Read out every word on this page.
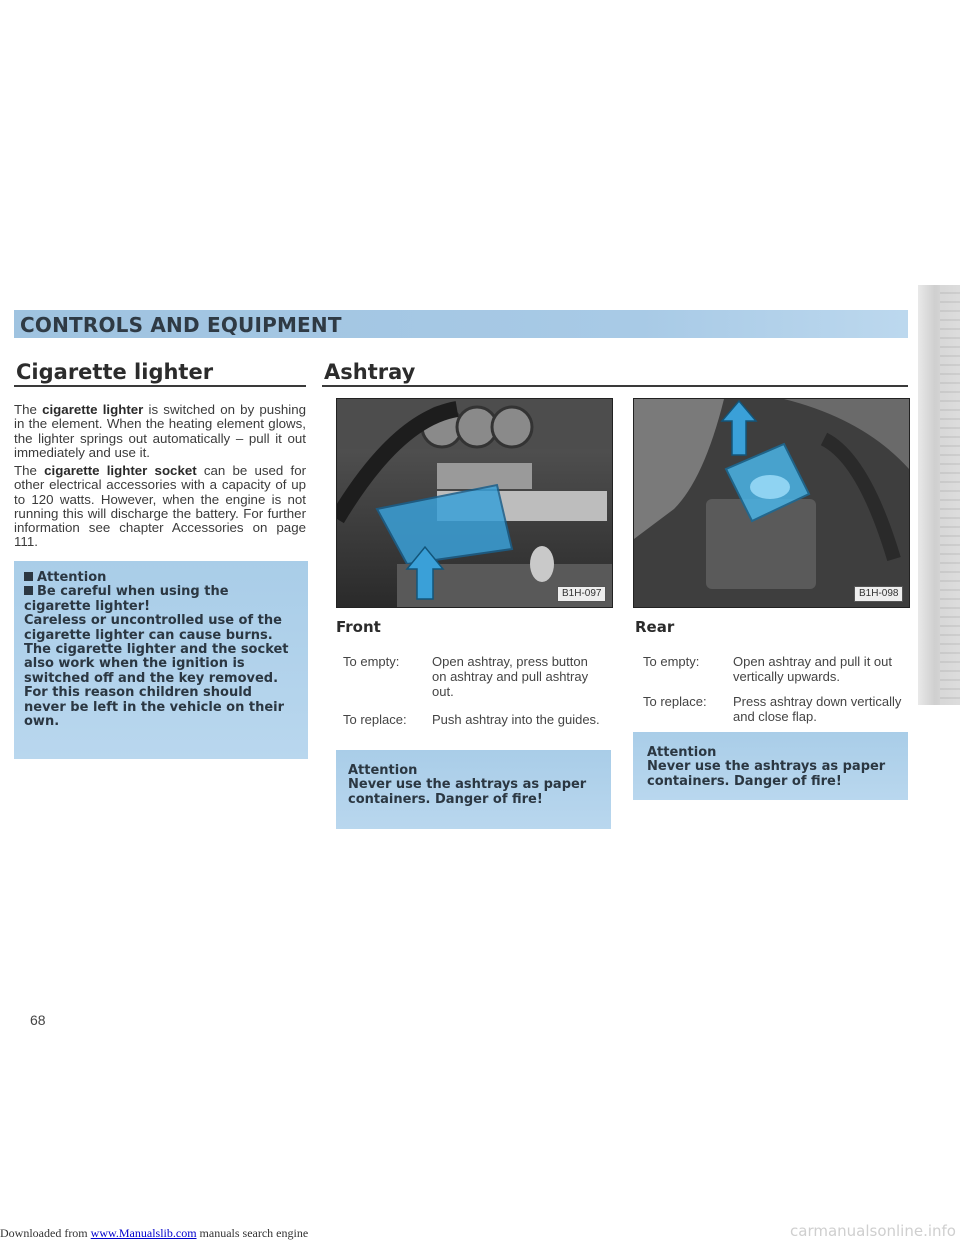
CONTROLS AND EQUIPMENT
Cigarette lighter

The cigarette lighter is switched on by pushing in the element. When the heating element glows, the lighter springs out automatically – pull it out immediately and use it.

The cigarette lighter socket can be used for other electrical accessories with a capacity of up to 120 watts. However, when the engine is not running this will discharge the battery. For further information see chapter Accessories on page 111.

Attention
Be careful when using the cigarette lighter!
Careless or uncontrolled use of the cigarette lighter can cause burns.
The cigarette lighter and the socket also work when the ignition is switched off and the key removed.
For this reason children should never be left in the vehicle on their own.
68
Ashtray
B1H-097	B1H-098
Front
To empty:	Open ashtray, press button on ashtray and pull ashtray out.
To replace: Push ashtray into the guides.
Attention
Never use the ashtrays as paper containers. Danger of fire!
Rear
To empty:	Open ashtray and pull it out vertically upwards.
To replace: Press ashtray down vertically and close flap.
Attention
Never use the ashtrays as paper containers. Danger of fire!
Downloaded from www.Manualslib.com manuals search engine	carmanualsonline.info
